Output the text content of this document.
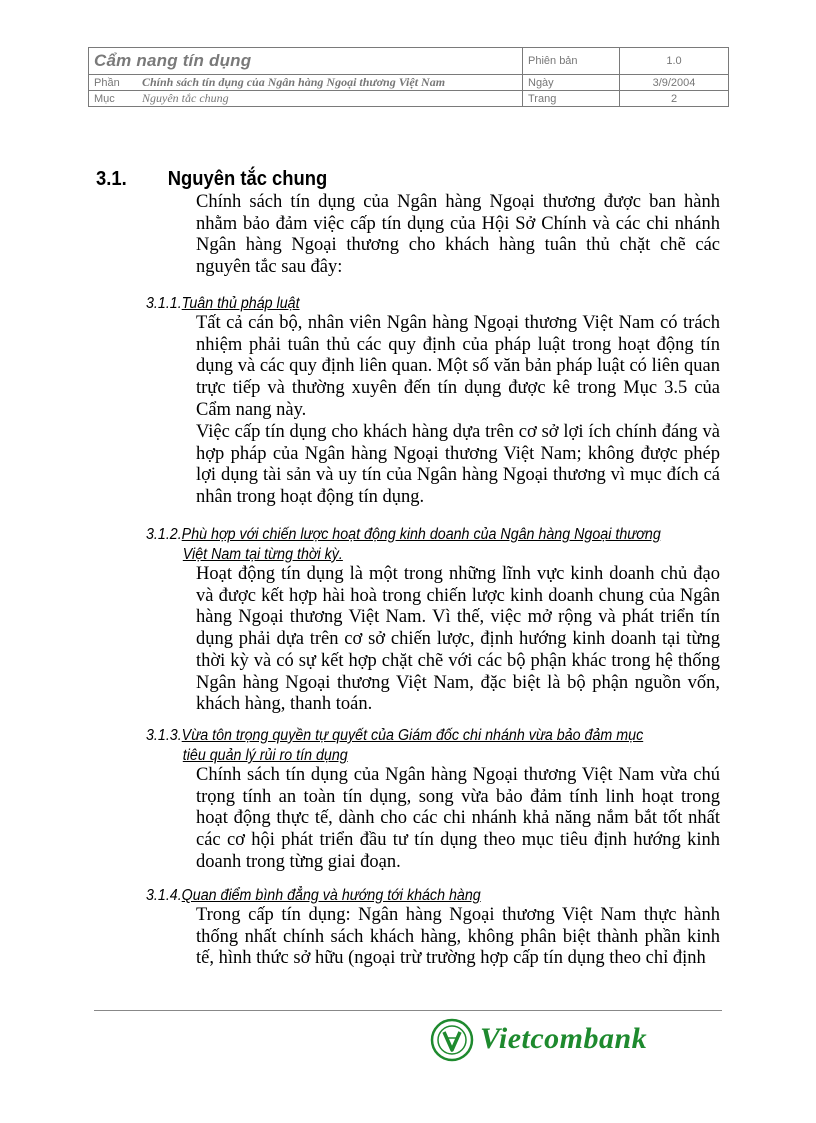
Cẩm nang tín dụng	Phiên bản	1.0
Phần Chính sách tín dụng của Ngân hàng Ngoại thương Việt Nam	Ngày	3/9/2004
Mục Nguyên tắc chung	Trang	2
3.1. Nguyên tắc chung

Chính sách tín dụng của Ngân hàng Ngoại thương được ban hành nhằm bảo đảm việc cấp tín dụng của Hội Sở Chính và các chi nhánh Ngân hàng Ngoại thương cho khách hàng tuân thủ chặt chẽ các nguyên tắc sau đây:

3.1.1.Tuân thủ pháp luật

Tất cả cán bộ, nhân viên Ngân hàng Ngoại thương Việt Nam có trách nhiệm phải tuân thủ các quy định của pháp luật trong hoạt động tín dụng và các quy định liên quan. Một số văn bản pháp luật có liên quan trực tiếp và thường xuyên đến tín dụng được kê trong Mục 3.5 của Cẩm nang này.

Việc cấp tín dụng cho khách hàng dựa trên cơ sở lợi ích chính đáng và hợp pháp của Ngân hàng Ngoại thương Việt Nam; không được phép lợi dụng tài sản và uy tín của Ngân hàng Ngoại thương vì mục đích cá nhân trong hoạt động tín dụng.

3.1.2.Phù hợp với chiến lược hoạt động kinh doanh của Ngân hàng Ngoại thương
Việt Nam tại từng thời kỳ.

Hoạt động tín dụng là một trong những lĩnh vực kinh doanh chủ đạo và được kết hợp hài hoà trong chiến lược kinh doanh chung của Ngân hàng Ngoại thương Việt Nam. Vì thế, việc mở rộng và phát triển tín dụng phải dựa trên cơ sở chiến lược, định hướng kinh doanh tại từng thời kỳ và có sự kết hợp chặt chẽ với các bộ phận khác trong hệ thống Ngân hàng Ngoại thương Việt Nam, đặc biệt là bộ phận nguồn vốn, khách hàng, thanh toán.

3.1.3.Vừa tôn trọng quyền tự quyết của Giám đốc chi nhánh vừa bảo đảm mục
tiêu quản lý rủi ro tín dụng

Chính sách tín dụng của Ngân hàng Ngoại thương Việt Nam vừa chú trọng tính an toàn tín dụng, song vừa bảo đảm tính linh hoạt trong hoạt động thực tế, dành cho các chi nhánh khả năng nắm bắt tốt nhất các cơ hội phát triển đầu tư tín dụng theo mục tiêu định hướng kinh doanh trong từng giai đoạn.

3.1.4.Quan điểm bình đẳng và hướng tới khách hàng

Trong cấp tín dụng: Ngân hàng Ngoại thương Việt Nam thực hành thống nhất chính sách khách hàng, không phân biệt thành phần kinh tế, hình thức sở hữu (ngoại trừ trường hợp cấp tín dụng theo chỉ định

Vietcombank
